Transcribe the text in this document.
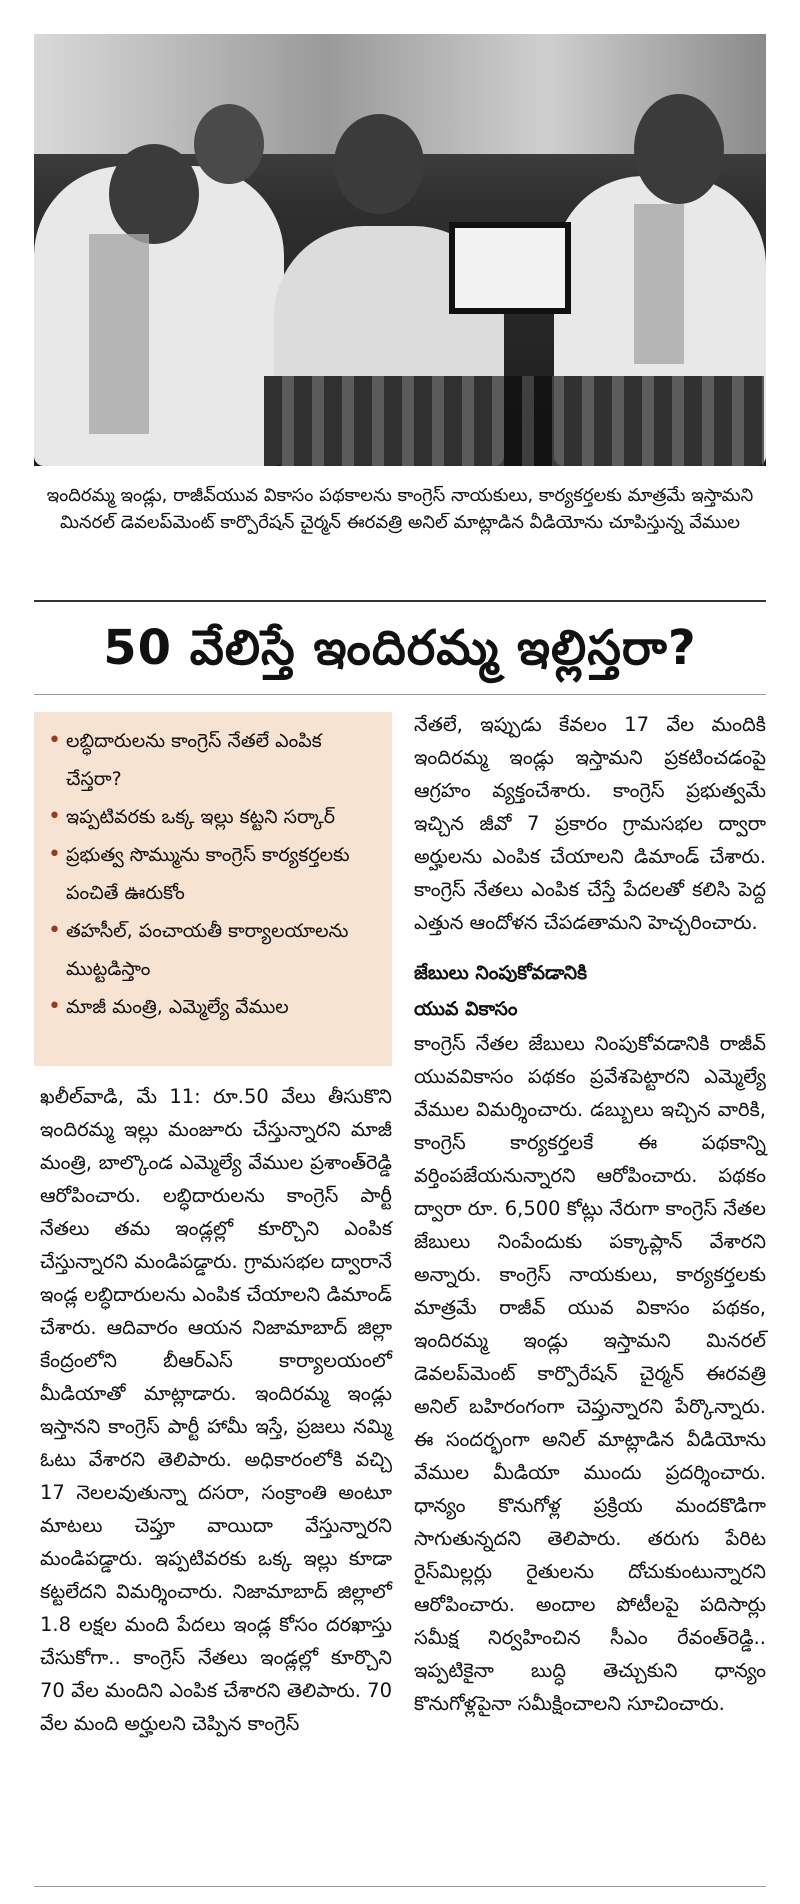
ఇందిరమ్మ ఇండ్లు, రాజీవ్‌యువ వికాసం పథకాలను కాంగ్రెస్ నాయకులు, కార్యకర్తలకు మాత్రమే ఇస్తామని మినరల్ డెవలప్‌మెంట్ కార్పొరేషన్ చైర్మన్ ఈరవత్రి అనిల్ మాట్లాడిన వీడియోను చూపిస్తున్న వేముల
50 వేలిస్తే ఇందిరమ్మ ఇల్లిస్తరా?
• లబ్ధిదారులను కాంగ్రెస్ నేతలే ఎంపిక చేస్తరా?
• ఇప్పటివరకు ఒక్క ఇల్లు కట్టని సర్కార్
• ప్రభుత్వ సొమ్మును కాంగ్రెస్ కార్యకర్తలకు పంచితే ఊరుకోం
• తహసీల్, పంచాయతీ కార్యాలయాలను ముట్టడిస్తాం
• మాజీ మంత్రి, ఎమ్మెల్యే వేముల

ఖలీల్‌వాడి, మే 11: రూ.50 వేలు తీసుకొని ఇందిరమ్మ ఇల్లు మంజూరు చేస్తున్నారని మాజీ మంత్రి, బాల్కొండ ఎమ్మెల్యే వేముల ప్రశాంత్‌రెడ్డి ఆరోపించారు. లబ్ధిదారులను కాంగ్రెస్ పార్టీ నేతలు తమ ఇండ్లల్లో కూర్చొని ఎంపిక చేస్తున్నారని మండిపడ్డారు. గ్రామసభల ద్వారానే ఇండ్ల లబ్ధిదారులను ఎంపిక చేయాలని డిమాండ్ చేశారు. ఆదివారం ఆయన నిజామాబాద్ జిల్లా కేంద్రంలోని బీఆర్‌ఎస్ కార్యాలయంలో మీడియాతో మాట్లాడారు. ఇందిరమ్మ ఇండ్లు ఇస్తానని కాంగ్రెస్ పార్టీ హామీ ఇస్తే, ప్రజలు నమ్మి ఓటు వేశారని తెలిపారు. అధికారంలోకి వచ్చి 17 నెలలవుతున్నా దసరా, సంక్రాంతి అంటూ మాటలు చెప్తూ వాయిదా వేస్తున్నారని మండిపడ్డారు. ఇప్పటివరకు ఒక్క ఇల్లు కూడా కట్టలేదని విమర్శించారు. నిజామాబాద్ జిల్లాలో 1.8 లక్షల మంది పేదలు ఇండ్ల కోసం దరఖాస్తు చేసుకోగా.. కాంగ్రెస్ నేతలు ఇండ్లల్లో కూర్చొని 70 వేల మందిని ఎంపిక చేశారని తెలిపారు. 70 వేల మంది అర్హులని చెప్పిన కాంగ్రెస్

నేతలే, ఇప్పుడు కేవలం 17 వేల మందికి ఇందిరమ్మ ఇండ్లు ఇస్తామని ప్రకటించడంపై ఆగ్రహం వ్యక్తంచేశారు. కాంగ్రెస్ ప్రభుత్వమే ఇచ్చిన జీవో 7 ప్రకారం గ్రామసభల ద్వారా అర్హులను ఎంపిక చేయాలని డిమాండ్ చేశారు. కాంగ్రెస్ నేతలు ఎంపిక చేస్తే పేదలతో కలిసి పెద్ద ఎత్తున ఆందోళన చేపడతామని హెచ్చరించారు.

జేబులు నింపుకోవడానికి
యువ వికాసం

కాంగ్రెస్ నేతల జేబులు నింపుకోవడానికి రాజీవ్ యువవికాసం పథకం ప్రవేశపెట్టారని ఎమ్మెల్యే వేముల విమర్శించారు. డబ్బులు ఇచ్చిన వారికి, కాంగ్రెస్ కార్యకర్తలకే ఈ పథకాన్ని వర్తింపజేయనున్నారని ఆరోపించారు. పథకం ద్వారా రూ. 6,500 కోట్లు నేరుగా కాంగ్రెస్ నేతల జేబులు నింపేందుకు పక్కాప్లాన్ వేశారని అన్నారు. కాంగ్రెస్ నాయకులు, కార్యకర్తలకు మాత్రమే రాజీవ్ యువ వికాసం పథకం, ఇందిరమ్మ ఇండ్లు ఇస్తామని మినరల్ డెవలప్‌మెంట్ కార్పొరేషన్ చైర్మన్ ఈరవత్రి అనిల్ బహిరంగంగా చెప్తున్నారని పేర్కొన్నారు. ఈ సందర్భంగా అనిల్ మాట్లాడిన వీడియోను వేముల మీడియా ముందు ప్రదర్శించారు. ధాన్యం కొనుగోళ్ల ప్రక్రియ మందకొడిగా సాగుతున్నదని తెలిపారు. తరుగు పేరిట రైస్‌మిల్లర్లు రైతులను దోచుకుంటున్నారని ఆరోపించారు. అందాల పోటీలపై పదిసార్లు సమీక్ష నిర్వహించిన సీఎం రేవంత్‌రెడ్డి.. ఇప్పటికైనా బుద్ధి తెచ్చుకుని ధాన్యం కొనుగోళ్లపైనా సమీక్షించాలని సూచించారు.
